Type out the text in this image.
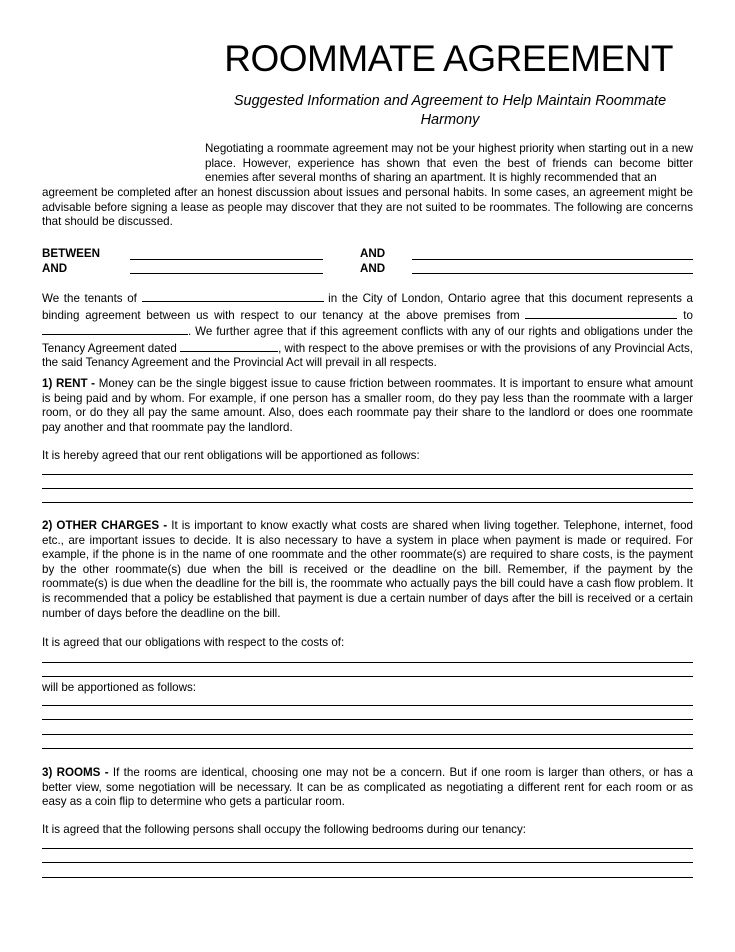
ROOMMATE AGREEMENT
Suggested Information and Agreement to Help Maintain Roommate Harmony
Negotiating a roommate agreement may not be your highest priority when starting out in a new place. However, experience has shown that even the best of friends can become bitter enemies after several months of sharing an apartment. It is highly recommended that an
agreement be completed after an honest discussion about issues and personal habits. In some cases, an agreement might be advisable before signing a lease as people may discover that they are not suited to be roommates. The following are concerns that should be discussed.
BETWEEN	AND
AND	AND
We the tenants of	in the City of London, Ontario agree that this document represents a binding agreement between us with respect to our tenancy at the above premises from	to . We further agree that if this agreement conflicts with any of our rights and obligations under the Tenancy Agreement dated	, with respect to the above premises or with the provisions of any Provincial Acts, the said Tenancy Agreement and the Provincial Act will prevail in all respects.
1) RENT - Money can be the single biggest issue to cause friction between roommates. It is important to ensure what amount is being paid and by whom. For example, if one person has a smaller room, do they pay less than the roommate with a larger room, or do they all pay the same amount. Also, does each roommate pay their share to the landlord or does one roommate pay another and that roommate pay the landlord.
It is hereby agreed that our rent obligations will be apportioned as follows:
2) OTHER CHARGES - It is important to know exactly what costs are shared when living together. Telephone, internet, food etc., are important issues to decide. It is also necessary to have a system in place when payment is made or required. For example, if the phone is in the name of one roommate and the other roommate(s) are required to share costs, is the payment by the other roommate(s) due when the bill is received or the deadline on the bill. Remember, if the payment by the roommate(s) is due when the deadline for the bill is, the roommate who actually pays the bill could have a cash flow problem. It is recommended that a policy be established that payment is due a certain number of days after the bill is received or a certain number of days before the deadline on the bill.
It is agreed that our obligations with respect to the costs of:
will be apportioned as follows:
3) ROOMS - If the rooms are identical, choosing one may not be a concern. But if one room is larger than others, or has a better view, some negotiation will be necessary. It can be as complicated as negotiating a different rent for each room or as easy as a coin flip to determine who gets a particular room.
It is agreed that the following persons shall occupy the following bedrooms during our tenancy:
